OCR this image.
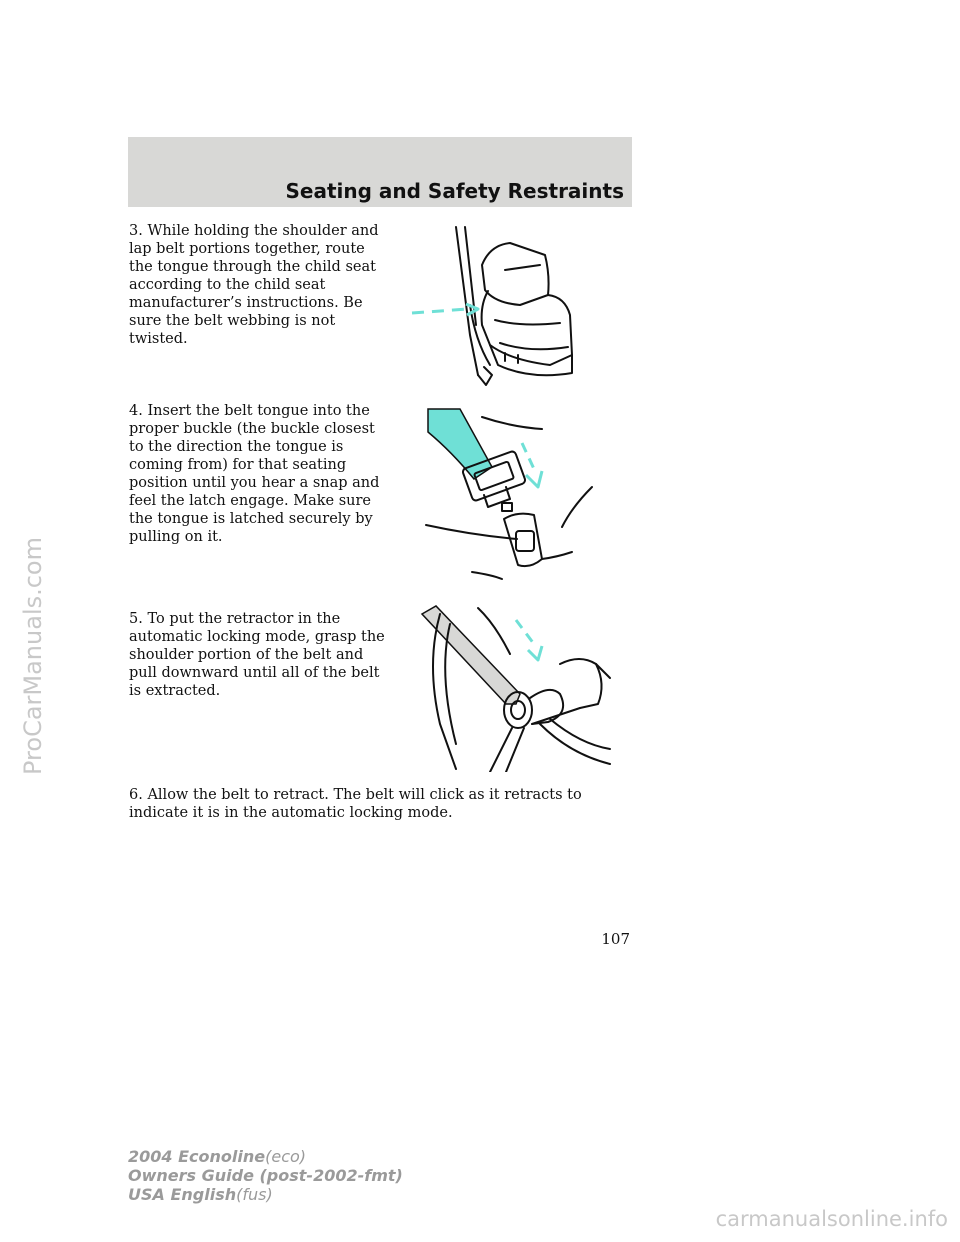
ProCarManuals.com
Seating and Safety Restraints

3. While holding the shoulder and lap belt portions together, route the tongue through the child seat according to the child seat manufacturer’s instructions. Be sure the belt webbing is not twisted.

4. Insert the belt tongue into the proper buckle (the buckle closest to the direction the tongue is coming from) for that seating position until you hear a snap and feel the latch engage. Make sure the tongue is latched securely by pulling on it.

5. To put the retractor in the automatic locking mode, grasp the shoulder portion of the belt and pull downward until all of the belt is extracted.

6. Allow the belt to retract. The belt will click as it retracts to indicate it is in the automatic locking mode.

107
2004 Econoline(eco)
Owners Guide (post-2002-fmt)
USA English(fus)
carmanualsonline.info
